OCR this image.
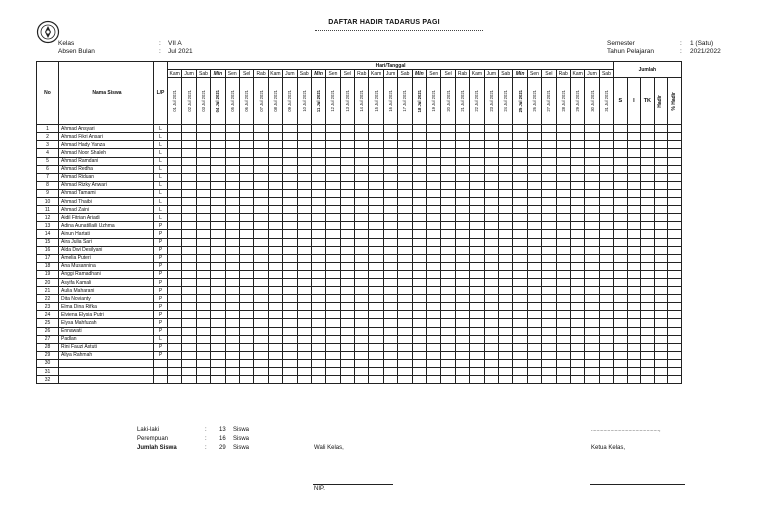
DAFTAR HADIR TADARUS PAGI
Kelas	: VII A
Absen Bulan	: Jul 2021
Semester	: 1 (Satu)
Tahun Pelajaran	: 2021/2022
No	Nama Siswa	L/P	Hari/Tanggal																															Jumlah				
			Kam	Jum	Sab	Min	Sen	Sel	Rab	Kam	Jum	Sab	Min	Sen	Sel	Rab	Kam	Jum	Sab	Min	Sen	Sel	Rab	Kam	Jum	Sab	Min	Sen	Sel	Rab	Kam	Jum	Sab					

			01 Jul 2021	02 Jul 2021	03 Jul 2021	04 Jul 2021	05 Jul 2021	06 Jul 2021	07 Jul 2021	08 Jul 2021	09 Jul 2021	10 Jul 2021	11 Jul 2021	12 Jul 2021	13 Jul 2021	14 Jul 2021	15 Jul 2021	16 Jul 2021	17 Jul 2021	18 Jul 2021	19 Jul 2021	20 Jul 2021	21 Jul 2021	22 Jul 2021	23 Jul 2021	24 Jul 2021	25 Jul 2021	26 Jul 2021	27 Jul 2021	28 Jul 2021	29 Jul 2021	30 Jul 2021	31 Jul 2021	S	I	TK	Hadir	% Hadir

1	Ahmad Ansyari	L																																				
2	Ahmad Fikri Ansari	L																																				
3	Ahmad Hady Yanza	L																																				
4	Ahmad Noor Shaleh	L																																				
5	Ahmad Ramdani	L																																				
6	Ahmad Redha	L																																				
7	Ahmad Riduan	L																																				
8	Ahmad Rizky Anwari	L																																				
9	Ahmad Tamami	L																																				
10	Ahmad Thaibi	L																																				
11	Ahmad Zaini	L																																				
12	Aidil Fitrian Ariadi	L																																				
13	Adina Aunatillaili Uzhma	P																																				
14	Ainun Hartati	P																																				
15	Aira Julia Sari	P																																				
16	Alda Dwi Desilyani	P																																				
17	Amelia Puteri	P																																				
18	Ana Musannina	P																																				
19	Anggi Ramadhani	P																																				
20	Asyifa Kamali	P																																				
21	Aulia Maharani	P																																				
22	Dita Novianty	P																																				
23	Elma Dina Rifka	P																																				
24	Elviena Elysia Putri	P																																				
25	Elysa Mahfuzah	P																																				
26	Ennawati	P																																				
27	Padlan	L																																				
28	Rini Fauzi Astuti	P																																				
29	Aliya Rahmah	P																																				
30																																						
31																																						
32																																						
Laki-laki	: 13 Siswa
Perempuan	: 16 Siswa
Jumlah Siswa	: 29 Siswa	Wali Kelas,
NIP.
.................................................,
Ketua Kelas,
